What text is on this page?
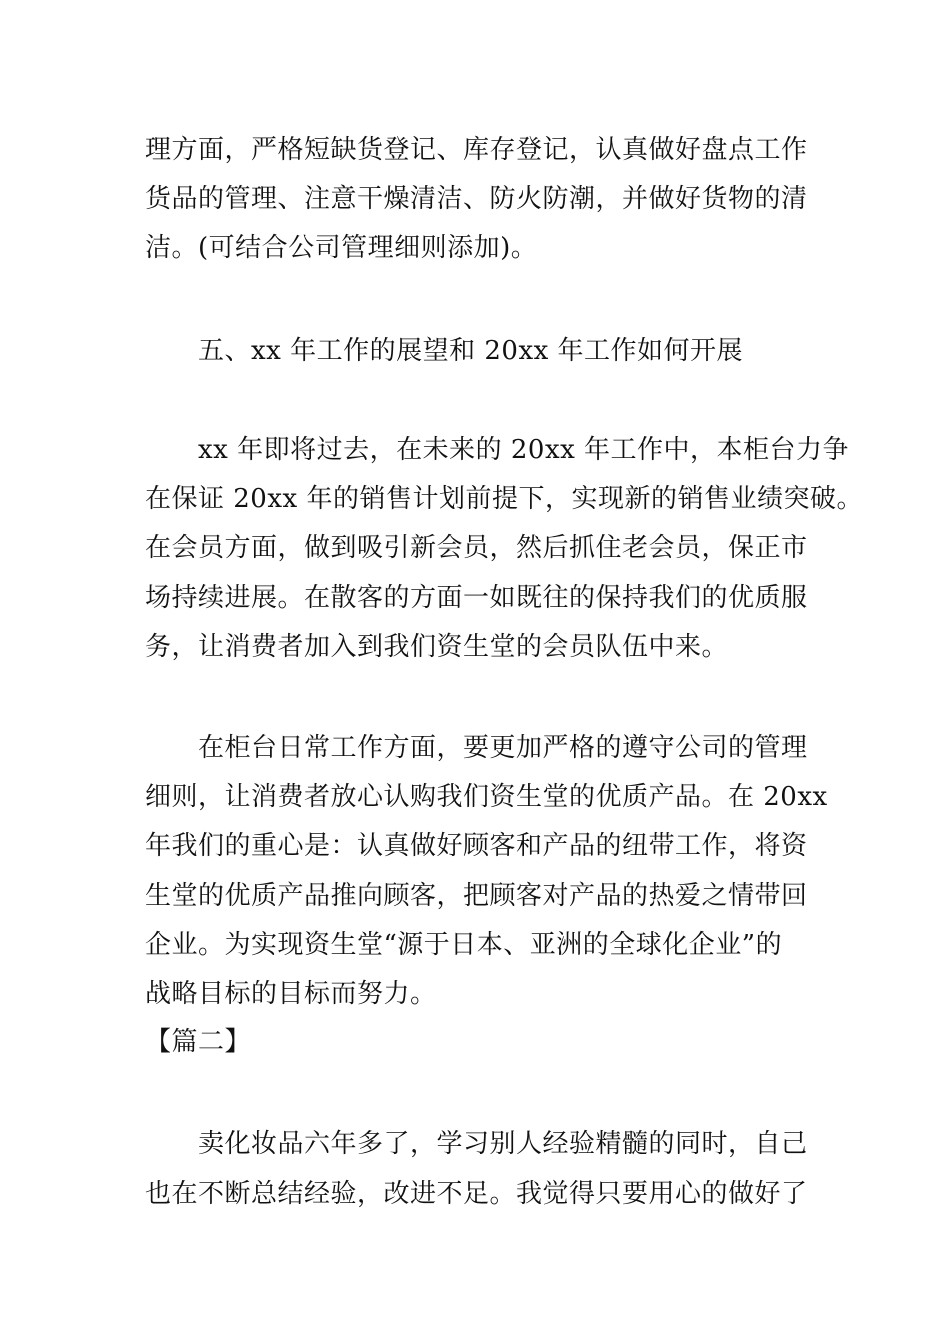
理方面，严格短缺货登记、库存登记，认真做好盘点工作
货品的管理、注意干燥清洁、防火防潮，并做好货物的清
洁。(可结合公司管理细则添加)。
五、xx 年工作的展望和 20xx 年工作如何开展
xx 年即将过去，在未来的 20xx 年工作中，本柜台力争
在保证 20xx 年的销售计划前提下，实现新的销售业绩突破。
在会员方面，做到吸引新会员，然后抓住老会员，保正市
场持续进展。在散客的方面一如既往的保持我们的优质服
务，让消费者加入到我们资生堂的会员队伍中来。
在柜台日常工作方面，要更加严格的遵守公司的管理
细则，让消费者放心认购我们资生堂的优质产品。在 20xx
年我们的重心是：认真做好顾客和产品的纽带工作，将资
生堂的优质产品推向顾客，把顾客对产品的热爱之情带回
企业。为实现资生堂“源于日本、亚洲的全球化企业”的
战略目标的目标而努力。
【篇二】
卖化妆品六年多了，学习别人经验精髓的同时，自己
也在不断总结经验，改进不足。我觉得只要用心的做好了
